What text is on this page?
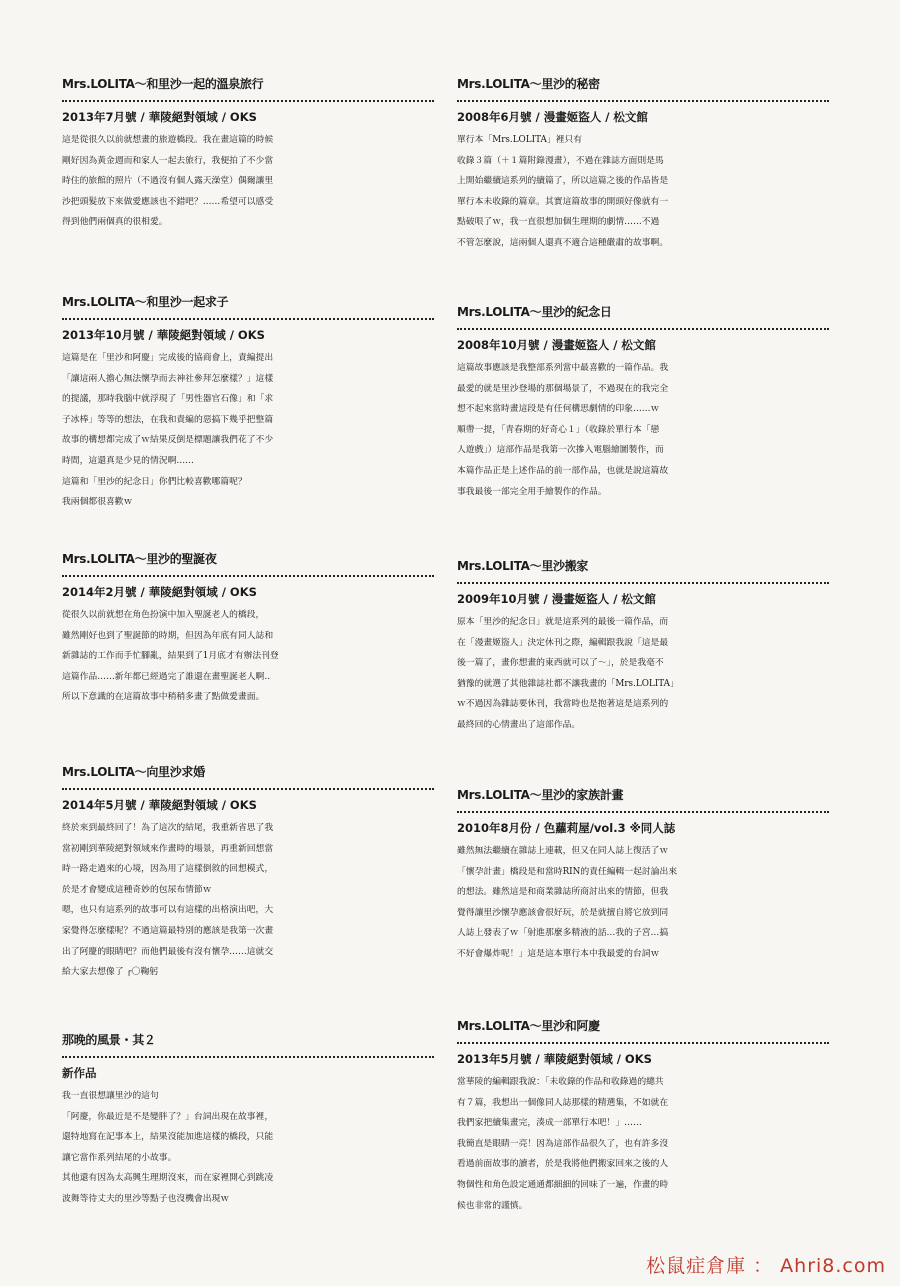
Mrs.LOLITA～和里沙一起的溫泉旅行

2013年7月號 / 華陵絕對領域 / OKS

這是從很久以前就想畫的旅遊橋段。我在畫這篇的時候
剛好因為黃金週而和家人一起去旅行，我便拍了不少當
時住的旅館的照片（不過沒有個人露天澡堂）偶爾讓里
沙把頭髮放下來做愛應該也不錯吧？……希望可以感受
得到他們兩個真的很相愛。

Mrs.LOLITA～和里沙一起求子

2013年10月號 / 華陵絕對領域 / OKS

這篇是在「里沙和阿慶」完成後的協商會上，責編提出
「讓這兩人擔心無法懷孕而去神社參拜怎麼樣？」這樣
的提議，那時我腦中就浮現了「男性器官石像」和「求
子冰棒」等等的想法，在我和責編的惡搞下幾乎把整篇
故事的構想都完成了ｗ結果反倒是標題讓我們花了不少
時間，這還真是少見的情況啊……
這篇和「里沙的紀念日」你們比較喜歡哪篇呢？
我兩個都很喜歡ｗ

Mrs.LOLITA～里沙的聖誕夜

2014年2月號 / 華陵絕對領域 / OKS

從很久以前就想在角色扮演中加入聖誕老人的橋段，
雖然剛好也到了聖誕節的時期，但因為年底有同人誌和
新雜誌的工作而手忙腳亂，結果到了1月底才有辦法刊登
這篇作品……新年都已經過完了誰還在畫聖誕老人啊‥
所以下意識的在這篇故事中稍稍多畫了點做愛畫面。

Mrs.LOLITA～向里沙求婚

2014年5月號 / 華陵絕對領域 / OKS

終於來到最終回了！為了這次的結尾，我重新省思了我
當初剛到華陵絕對領域來作畫時的場景，再重新回想當
時一路走過來的心境，因為用了這樣倒敘的回想模式，
於是才會變成這種奇妙的包尿布情節ｗ
嗯，也只有這系列的故事可以有這樣的出格演出吧，大
家覺得怎麼樣呢？不過這篇最特別的應該是我第一次畫
出了阿慶的眼睛吧？而他們最後有沒有懷孕……這就交
給大家去想像了 ┌〇鞠躬

那晚的風景・其２

新作品

我一直很想讓里沙的這句
「阿慶，你最近是不是變胖了？」台詞出現在故事裡，
還特地寫在記事本上，結果沒能加進這樣的橋段，只能
讓它當作系列結尾的小故事。
其他還有因為太高興生理期沒來，而在家裡開心到跳凌
波舞等待丈夫的里沙等點子也沒機會出現ｗ

Mrs.LOLITA～里沙的秘密

2008年6月號 / 漫畫姬盜人 / 松文館

單行本「Mrs.LOLITA」裡只有
收錄３篇（＋１篇附錄漫畫），不過在雜誌方面則是馬
上開始繼續這系列的續篇了，所以這篇之後的作品皆是
單行本未收錄的篇章。其實這篇故事的開頭好像就有一
點破哏了ｗ，我一直很想加個生理期的劇情……不過
不管怎麼說，這兩個人還真不適合這種嚴肅的故事啊。

Mrs.LOLITA～里沙的紀念日

2008年10月號 / 漫畫姬盜人 / 松文館

這篇故事應該是我整部系列當中最喜歡的一篇作品。我
最愛的就是里沙登場的那個場景了，不過現在的我完全
想不起來當時畫這段是有任何構思劇情的印象……ｗ
順帶一提，「青春期的好奇心１」（收錄於單行本「戀
人遊戲」）這部作品是我第一次摻入電腦繪圖製作，而
本篇作品正是上述作品的前一部作品，也就是說這篇故
事我最後一部完全用手繪製作的作品。

Mrs.LOLITA～里沙搬家

2009年10月號 / 漫畫姬盜人 / 松文館

原本「里沙的紀念日」就是這系列的最後一篇作品，而
在「漫畫姬盜人」決定休刊之際，編輯跟我說「這是最
後一篇了，畫你想畫的東西就可以了～」，於是我毫不
猶豫的就選了其他雜誌社都不讓我畫的「Mrs.LOLITA」
ｗ不過因為雜誌要休刊，我當時也是抱著這是這系列的
最終回的心情畫出了這部作品。

Mrs.LOLITA～里沙的家族計畫

2010年8月份 / 色蘿莉屋/vol.3 ※同人誌

雖然無法繼續在雜誌上連載，但又在同人誌上復活了ｗ
「懷孕計畫」橋段是和當時RIN的責任編輯一起討論出來
的想法。雖然這是和商業雜誌所商討出來的情節，但我
覺得讓里沙懷孕應該會很好玩，於是就擅自將它放到同
人誌上發表了ｗ「射進那麼多精液的話…我的子宮…搞
不好會爆炸呢！」這是這本單行本中我最愛的台詞ｗ

Mrs.LOLITA～里沙和阿慶

2013年5月號 / 華陵絕對領域 / OKS

當華陵的編輯跟我說：「未收錄的作品和收錄過的總共
有７篇，我想出一個像同人誌那樣的精選集，不如就在
我們家把續集畫完，湊成一部單行本吧！」……
我簡直是眼睛一亮！因為這部作品很久了，也有許多沒
看過前面故事的讀者，於是我將他們搬家回來之後的人
物個性和角色設定通通都細細的回味了一遍，作畫的時
候也非常的謹慎。

松鼠症倉庫 ： Ahri8.com
